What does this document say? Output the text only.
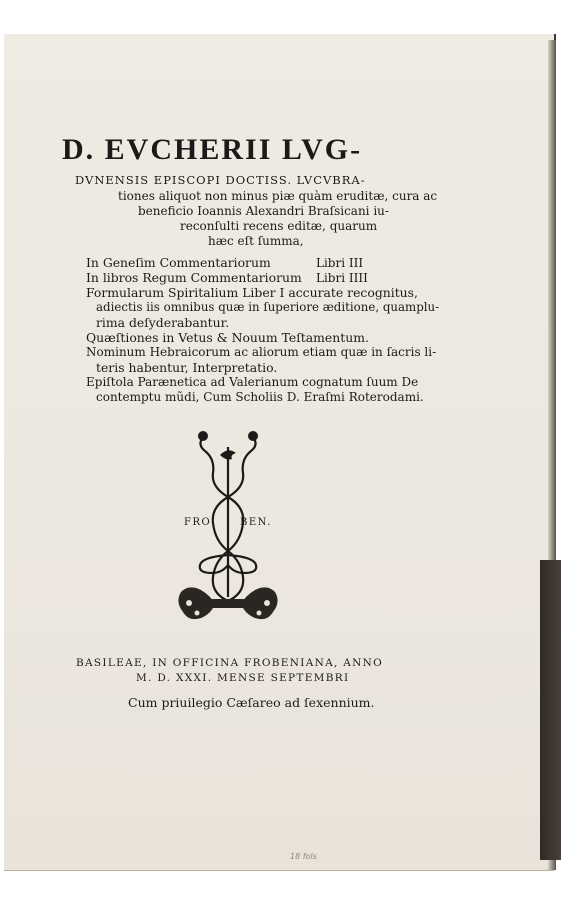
D. EVCHERII LVG-
DVNENSIS EPISCOPI DOCTISS. LVCVBRA-
tiones aliquot non minus piæ quàm eruditæ, cura ac
beneficio Ioannis Alexandri Braſsicani iu-
reconſulti recens editæ, quarum
hæc eſt ſumma,
In Geneſim Commentariorum	Libri III
In libros Regum Commentariorum Libri IIII
Formularum Spiritalium Liber I accurate recognitus,
adiectis iis omnibus quæ in ſuperiore æditione, quamplu-
rima deſyderabantur.
Quæſtiones in Vetus & Nouum Teſtamentum.
Nominum Hebraicorum ac aliorum etiam quæ in ſacris li-
teris habentur, Interpretatio.
Epiſtola Parænetica ad Valerianum cognatum ſuum De
contemptu mũdi, Cum Scholiis D. Eraſmi Roterodami.
FRO	BEN.
BASILEAE, IN OFFICINA FROBENIANA, ANNO
M. D. XXXI. MENSE SEPTEMBRI
Cum priuilegio Cæſareo ad ſexennium.
18 fols
